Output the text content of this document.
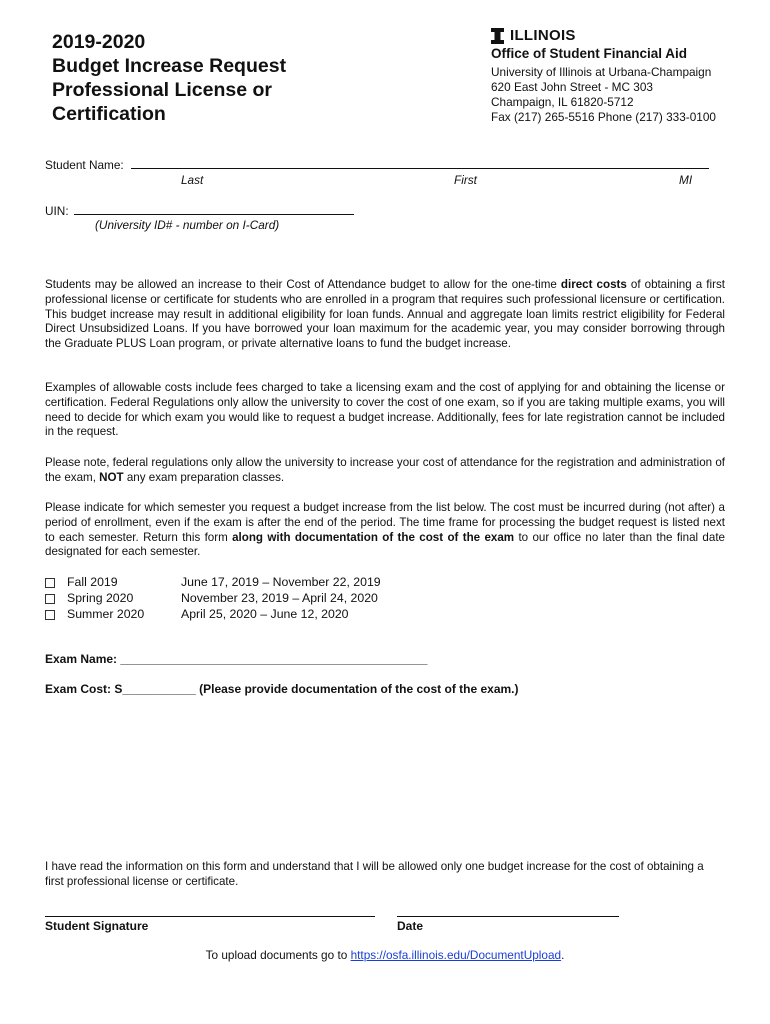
2019-2020
Budget Increase Request
Professional License or
Certification
ILLINOIS
Office of Student Financial Aid
University of Illinois at Urbana-Champaign
620 East John Street - MC 303
Champaign, IL 61820-5712
Fax (217) 265-5516 Phone (217) 333-0100
Student Name:
Last	First	MI
UIN:
(University ID# - number on I-Card)
Students may be allowed an increase to their Cost of Attendance budget to allow for the one-time direct costs of obtaining a first professional license or certificate for students who are enrolled in a program that requires such professional licensure or certification. This budget increase may result in additional eligibility for loan funds. Annual and aggregate loan limits restrict eligibility for Federal Direct Unsubsidized Loans. If you have borrowed your loan maximum for the academic year, you may consider borrowing through the Graduate PLUS Loan program, or private alternative loans to fund the budget increase.
Examples of allowable costs include fees charged to take a licensing exam and the cost of applying for and obtaining the license or certification. Federal Regulations only allow the university to cover the cost of one exam, so if you are taking multiple exams, you will need to decide for which exam you would like to request a budget increase. Additionally, fees for late registration cannot be included in the request.
Please note, federal regulations only allow the university to increase your cost of attendance for the registration and administration of the exam, NOT any exam preparation classes.
Please indicate for which semester you request a budget increase from the list below. The cost must be incurred during (not after) a period of enrollment, even if the exam is after the end of the period. The time frame for processing the budget request is listed next to each semester. Return this form along with documentation of the cost of the exam to our office no later than the final date designated for each semester.
Fall 2019	June 17, 2019 – November 22, 2019
Spring 2020	November 23, 2019 – April 24, 2020
Summer 2020	April 25, 2020 – June 12, 2020
Exam Name: ______________________________________________
Exam Cost: S___________ (Please provide documentation of the cost of the exam.)
I have read the information on this form and understand that I will be allowed only one budget increase for the cost of obtaining a first professional license or certificate.
Student Signature	Date
To upload documents go to https://osfa.illinois.edu/DocumentUpload.
